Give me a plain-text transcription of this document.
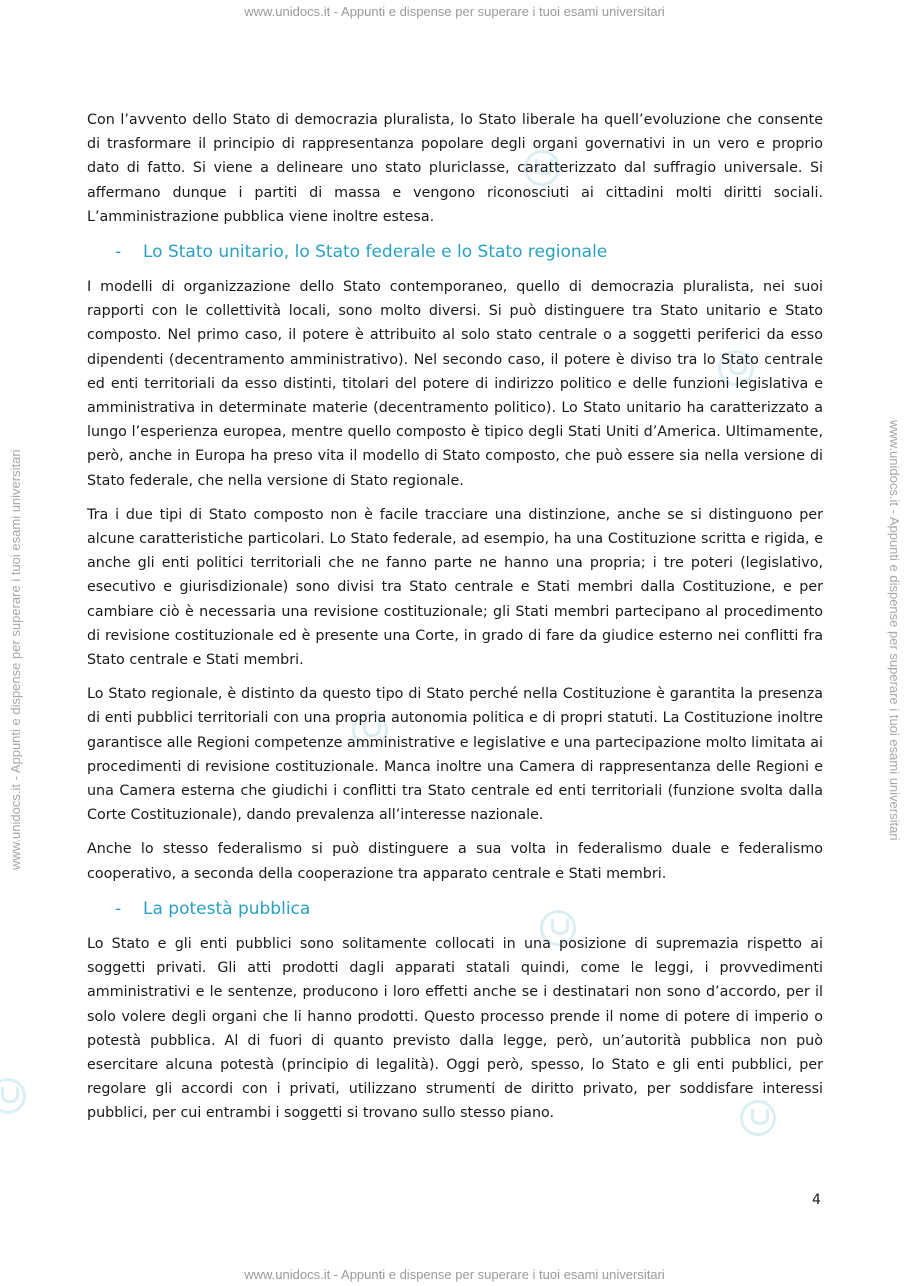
www.unidocs.it - Appunti e dispense per superare i tuoi esami universitari
www.unidocs.it - Appunti e dispense per superare i tuoi esami universitari	www.unidocs.it - Appunti e dispense per superare i tuoi esami universitari

Con l’avvento dello Stato di democrazia pluralista, lo Stato liberale ha quell’evoluzione che consente di trasformare il principio di rappresentanza popolare degli organi governativi in un vero e proprio dato di fatto. Si viene a delineare uno stato pluriclasse, caratterizzato dal suffragio universale. Si affermano dunque i partiti di massa e vengono riconosciuti ai cittadini molti diritti sociali. L’amministrazione pubblica viene inoltre estesa.

-	Lo Stato unitario, lo Stato federale e lo Stato regionale

I modelli di organizzazione dello Stato contemporaneo, quello di democrazia pluralista, nei suoi rapporti con le collettività locali, sono molto diversi. Si può distinguere tra Stato unitario e Stato composto. Nel primo caso, il potere è attribuito al solo stato centrale o a soggetti periferici da esso dipendenti (decentramento amministrativo). Nel secondo caso, il potere è diviso tra lo Stato centrale ed enti territoriali da esso distinti, titolari del potere di indirizzo politico e delle funzioni legislativa e amministrativa in determinate materie (decentramento politico). Lo Stato unitario ha caratterizzato a lungo l’esperienza europea, mentre quello composto è tipico degli Stati Uniti d’America. Ultimamente, però, anche in Europa ha preso vita il modello di Stato composto, che può essere sia nella versione di Stato federale, che nella versione di Stato regionale.

Tra i due tipi di Stato composto non è facile tracciare una distinzione, anche se si distinguono per alcune caratteristiche particolari. Lo Stato federale, ad esempio, ha una Costituzione scritta e rigida, e anche gli enti politici territoriali che ne fanno parte ne hanno una propria; i tre poteri (legislativo, esecutivo e giurisdizionale) sono divisi tra Stato centrale e Stati membri dalla Costituzione, e per cambiare ciò è necessaria una revisione costituzionale; gli Stati membri partecipano al procedimento di revisione costituzionale ed è presente una Corte, in grado di fare da giudice esterno nei conflitti fra Stato centrale e Stati membri.

Lo Stato regionale, è distinto da questo tipo di Stato perché nella Costituzione è garantita la presenza di enti pubblici territoriali con una propria autonomia politica e di propri statuti. La Costituzione inoltre garantisce alle Regioni competenze amministrative e legislative e una partecipazione molto limitata ai procedimenti di revisione costituzionale. Manca inoltre una Camera di rappresentanza delle Regioni e una Camera esterna che giudichi i conflitti tra Stato centrale ed enti territoriali (funzione svolta dalla Corte Costituzionale), dando prevalenza all’interesse nazionale.

Anche lo stesso federalismo si può distinguere a sua volta in federalismo duale e federalismo cooperativo, a seconda della cooperazione tra apparato centrale e Stati membri.

-	La potestà pubblica

Lo Stato e gli enti pubblici sono solitamente collocati in una posizione di supremazia rispetto ai soggetti privati. Gli atti prodotti dagli apparati statali quindi, come le leggi, i provvedimenti amministrativi e le sentenze, producono i loro effetti anche se i destinatari non sono d’accordo, per il solo volere degli organi che li hanno prodotti. Questo processo prende il nome di potere di imperio o potestà pubblica. Al di fuori di quanto previsto dalla legge, però, un’autorità pubblica non può esercitare alcuna potestà (principio di legalità). Oggi però, spesso, lo Stato e gli enti pubblici, per regolare gli accordi con i privati, utilizzano strumenti de diritto privato, per soddisfare interessi pubblici, per cui entrambi i soggetti si trovano sullo stesso piano.

4
www.unidocs.it - Appunti e dispense per superare i tuoi esami universitari
